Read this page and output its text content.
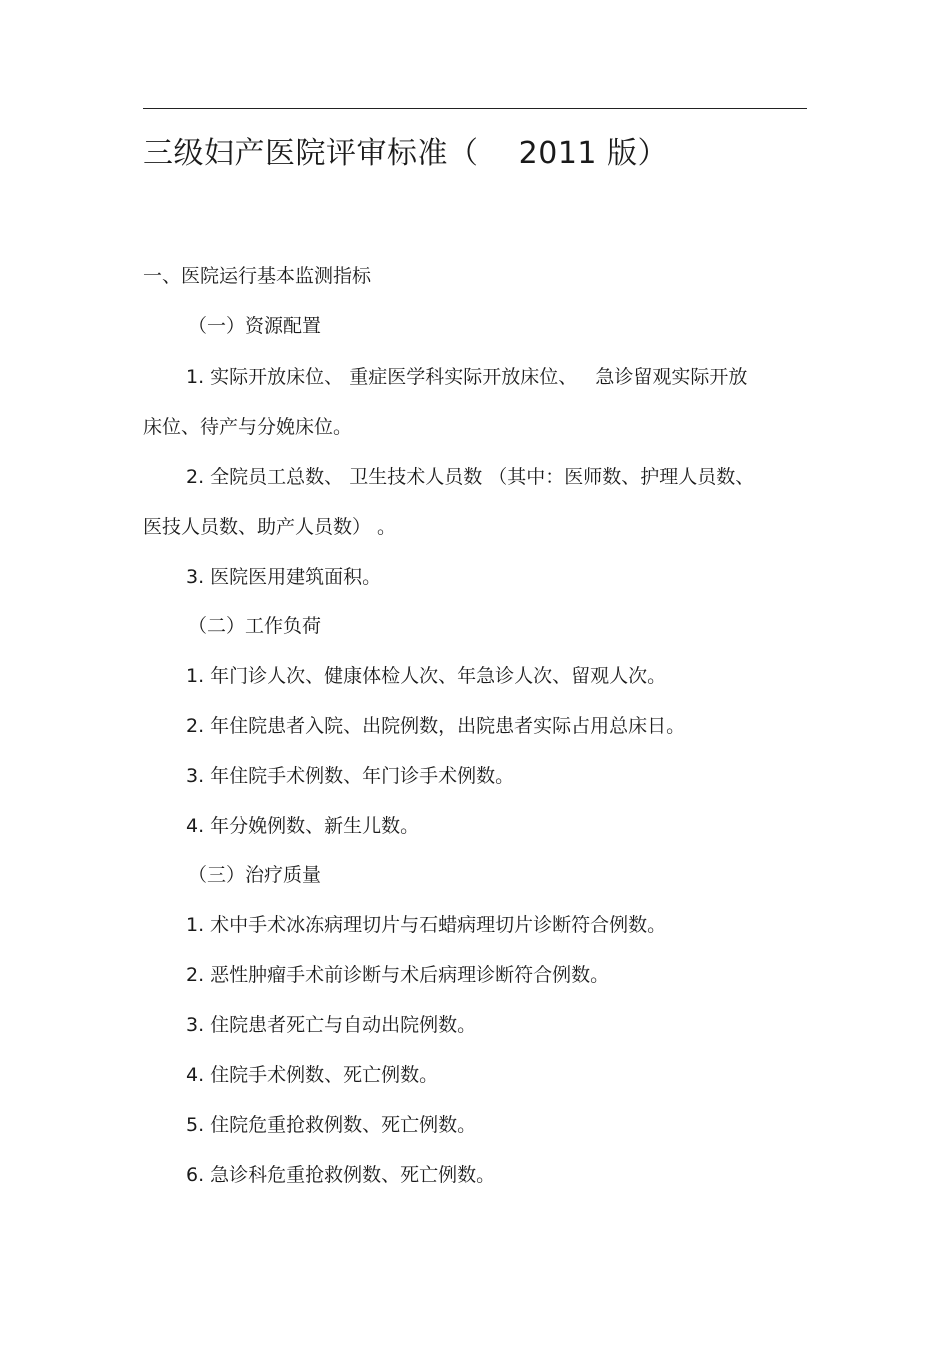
三级妇产医院评审标准（    2011 版）
一、医院运行基本监测指标
（一）资源配置
1. 实际开放床位、 重症医学科实际开放床位、   急诊留观实际开放
床位、待产与分娩床位。
2. 全院员工总数、 卫生技术人员数 （其中：医师数、护理人员数、
医技人员数、助产人员数） 。
3. 医院医用建筑面积。
（二）工作负荷
1. 年门诊人次、健康体检人次、年急诊人次、留观人次。
2. 年住院患者入院、出院例数，出院患者实际占用总床日。
3. 年住院手术例数、年门诊手术例数。
4. 年分娩例数、新生儿数。
（三）治疗质量
1. 术中手术冰冻病理切片与石蜡病理切片诊断符合例数。
2. 恶性肿瘤手术前诊断与术后病理诊断符合例数。
3. 住院患者死亡与自动出院例数。
4. 住院手术例数、死亡例数。
5. 住院危重抢救例数、死亡例数。
6. 急诊科危重抢救例数、死亡例数。
